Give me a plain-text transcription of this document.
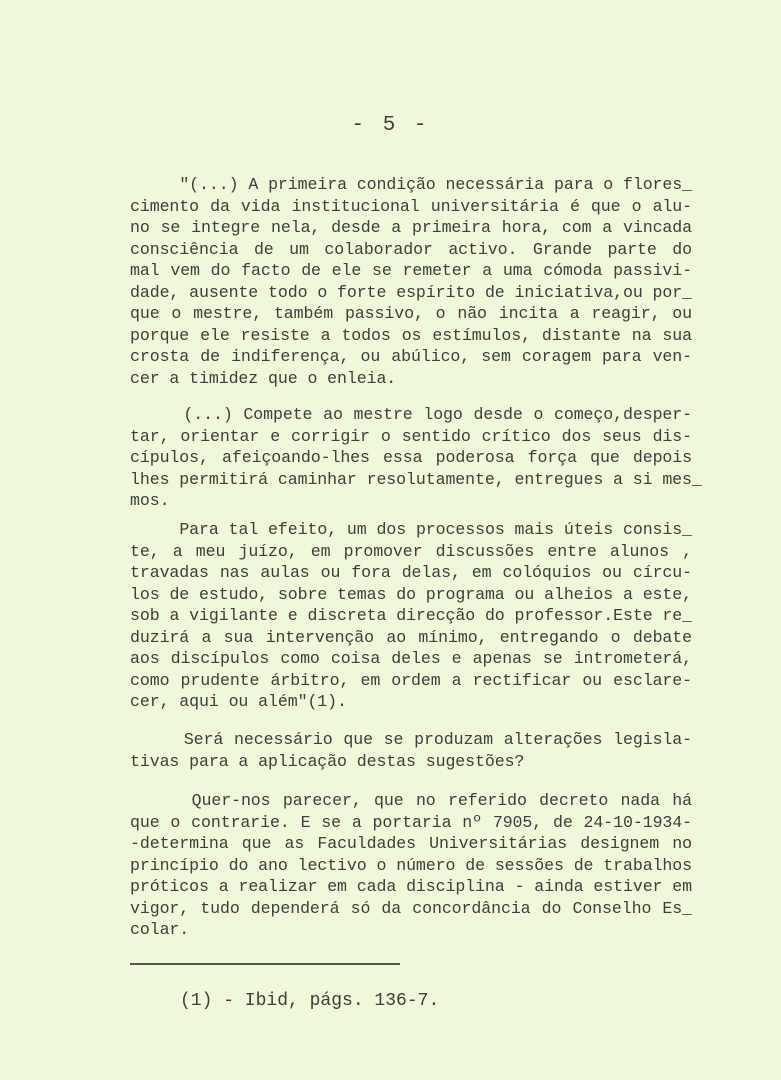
- 5 -
"(...) A primeira condição necessária para o flores_
cimento da vida institucional universitária é que o alu-
no se integre nela, desde a primeira hora, com a vincada
consciência de um colaborador activo. Grande parte do
mal vem do facto de ele se remeter a uma cómoda passivi-
dade, ausente todo o forte espírito de iniciativa,ou por_
que o mestre, também passivo, o não incita a reagir, ou
porque ele resiste a todos os estímulos, distante na sua
crosta de indiferença, ou abúlico, sem coragem para ven-
cer a timidez que o enleia.
(...) Compete ao mestre logo desde o começo,desper-
tar, orientar e corrigir o sentido crítico dos seus dis-
cípulos, afeiçoando-lhes essa poderosa força que depois
lhes permitirá caminhar resolutamente, entregues a si mes_
mos.
Para tal efeito, um dos processos mais úteis consis_
te, a meu juízo, em promover discussões entre alunos ,
travadas nas aulas ou fora delas, em colóquios ou círcu-
los de estudo, sobre temas do programa ou alheios a este,
sob a vigilante e discreta direcção do professor.Este re_
duzirá a sua intervenção ao mínimo, entregando o debate
aos discípulos como coisa deles e apenas se intrometerá,
como prudente árbitro, em ordem a rectificar ou esclare-
cer, aqui ou além"(1).
Será necessário que se produzam alterações legisla-
tivas para a aplicação destas sugestões?
Quer-nos parecer, que no referido decreto nada há
que o contrarie. E se a portaria nº 7905, de 24-10-1934-
-determina que as Faculdades Universitárias designem no
princípio do ano lectivo o número de sessões de trabalhos
próticos a realizar em cada disciplina - ainda estiver em
vigor, tudo dependerá só da concordância do Conselho Es_
colar.
(1) - Ibid, págs. 136-7.
